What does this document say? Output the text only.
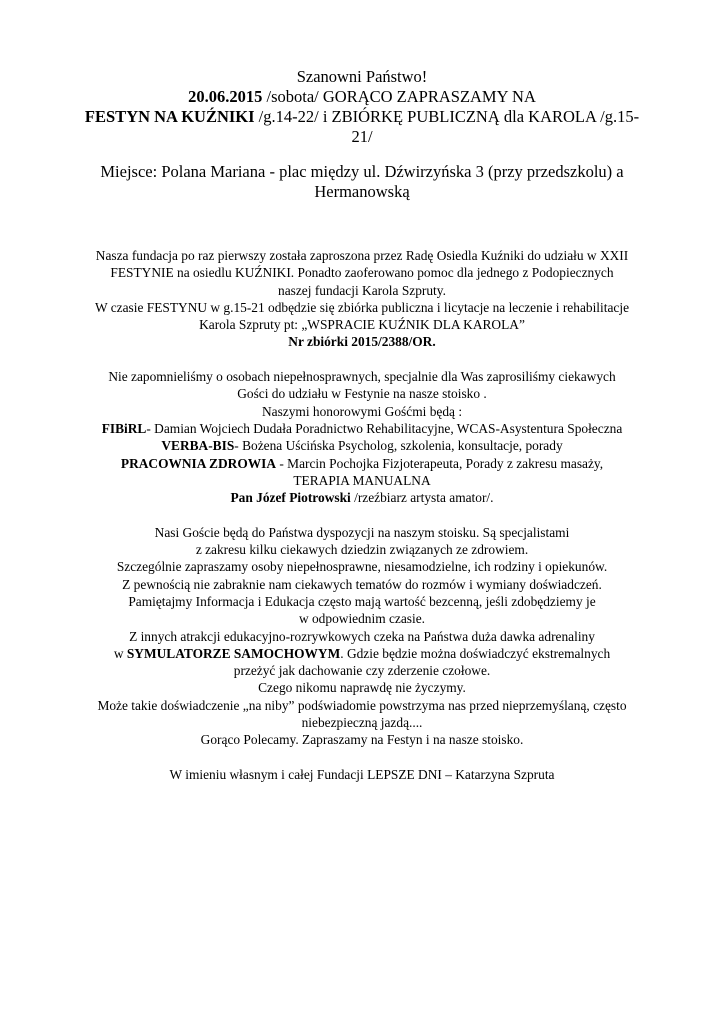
Szanowni Państwo!
20.06.2015 /sobota/ GORĄCO ZAPRASZAMY NA
FESTYN NA KUŹNIKI /g.14-22/ i ZBIÓRKĘ PUBLICZNĄ dla KAROLA /g.15-
21/
Miejsce: Polana Mariana - plac między ul. Dźwirzyńska 3 (przy przedszkolu) a
Hermanowską
Nasza fundacja po raz pierwszy została zaproszona przez Radę Osiedla Kuźniki do udziału w XXII
FESTYNIE na osiedlu KUŹNIKI. Ponadto zaoferowano pomoc dla jednego z Podopiecznych
naszej fundacji Karola Szpruty.
W czasie FESTYNU w g.15-21 odbędzie się zbiórka publiczna i licytacje na leczenie i rehabilitacje
Karola Szpruty pt: „WSPRACIE KUŹNIK DLA KAROLA”
Nr zbiórki 2015/2388/OR.
Nie zapomnieliśmy o osobach niepełnosprawnych, specjalnie dla Was zaprosiliśmy ciekawych
Gości do udziału w Festynie na nasze stoisko .
Naszymi honorowymi Gośćmi będą :
FIBiRL- Damian Wojciech Dudała Poradnictwo Rehabilitacyjne, WCAS-Asystentura Społeczna
VERBA-BIS- Bożena Uścińska Psycholog, szkolenia, konsultacje, porady
PRACOWNIA ZDROWIA - Marcin Pochojka Fizjoterapeuta, Porady z zakresu masaży,
TERAPIA MANUALNA
Pan Józef Piotrowski /rzeźbiarz artysta amator/.
Nasi Goście będą do Państwa dyspozycji na naszym stoisku. Są specjalistami
z zakresu kilku ciekawych dziedzin związanych ze zdrowiem.
Szczególnie zapraszamy osoby niepełnosprawne, niesamodzielne, ich rodziny i opiekunów.
Z pewnością nie zabraknie nam ciekawych tematów do rozmów i wymiany doświadczeń.
Pamiętajmy Informacja i Edukacja często mają wartość bezcenną, jeśli zdobędziemy je
w odpowiednim czasie.
Z innych atrakcji edukacyjno-rozrywkowych czeka na Państwa duża dawka adrenaliny
w SYMULATORZE SAMOCHOWYM. Gdzie będzie można doświadczyć ekstremalnych
przeżyć jak dachowanie czy zderzenie czołowe.
Czego nikomu naprawdę nie życzymy.
Może takie doświadczenie „na niby” podświadomie powstrzyma nas przed nieprzemyślaną, często
niebezpieczną jazdą....
Gorąco Polecamy. Zapraszamy na Festyn i na nasze stoisko.
W imieniu własnym i całej Fundacji LEPSZE DNI – Katarzyna Szpruta
